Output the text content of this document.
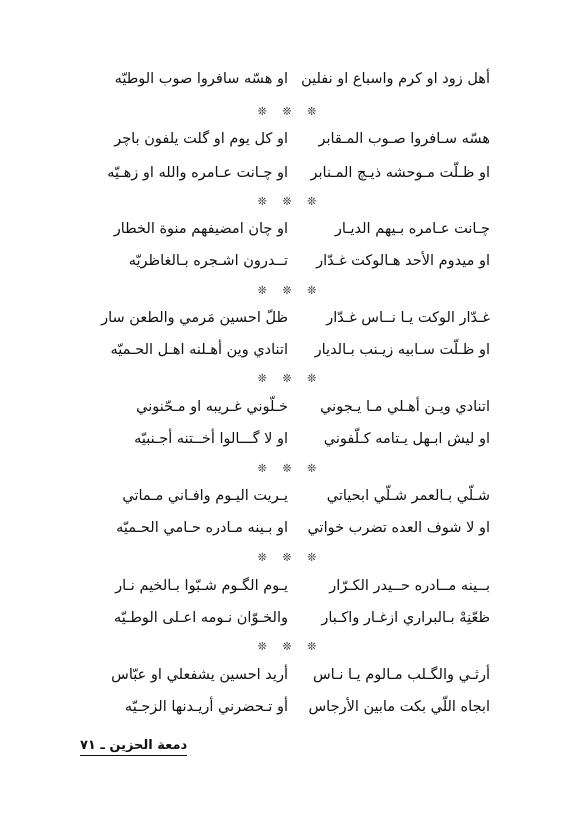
أهل زود او كرم واسباع او نفلين
او هسّه سافروا صوب الوطيّه
❊ ❊ ❊
هسّه سـافروا صـوب المـقابر
او كل يوم او گلت يلفون باچر
او ظـلّت مـوحشه ذيـچ المـنابر
او چـانت عـامره والله او زهـيّه
❊ ❊ ❊
چـانت عـامره بـيهم الديـار
او چان امضيفهم منوة الخطار
او ميدوم الأحد هـالوكت غـدّار
تــدرون اشـجره بـالغاظريّه
❊ ❊ ❊
غـدّار الوكت يـا نــاس غـدّار
ظلّ احسين مَرمي والطعن سار
او ظـلّت سـابيه زيـنب بـالديار
اتنادي وين أهـلنه اهـل الحـميّه
❊ ❊ ❊
اتنادي ويـن أهـلي مـا يـجوني
خـلّوني غـريبه او مـحّنوني
او ليش ابـهل يـتامه كـلّفوني
او لا گـــالوا أخــتنه أجـنبيّه
❊ ❊ ❊
شـلّي بـالعمر شـلّي ابحياتي
يـريت اليـوم وافـاني مـماتي
او لا شوف العده تضرب خواتي
او بـينه مـادره حـامي الحـميّه
❊ ❊ ❊
بــينه مــادره حــيدر الكـرّار
يـوم الگـوم شـبّوا بـالخيم نـار
ظعّنِهْ بـالبراري ازغـار واكـبار
والخـوّان نـومه اعـلى الوطـيّه
❊ ❊ ❊
أرثـي والگـلب مـالوم يـا نـاس
أريد احسين يشفعلي او عبّاس
ابجاه اللّي بكت مابين الأرجاس
أو تـحضرني أريـدنها الزجـيّه
دمعة الحزين ـ ٧١
